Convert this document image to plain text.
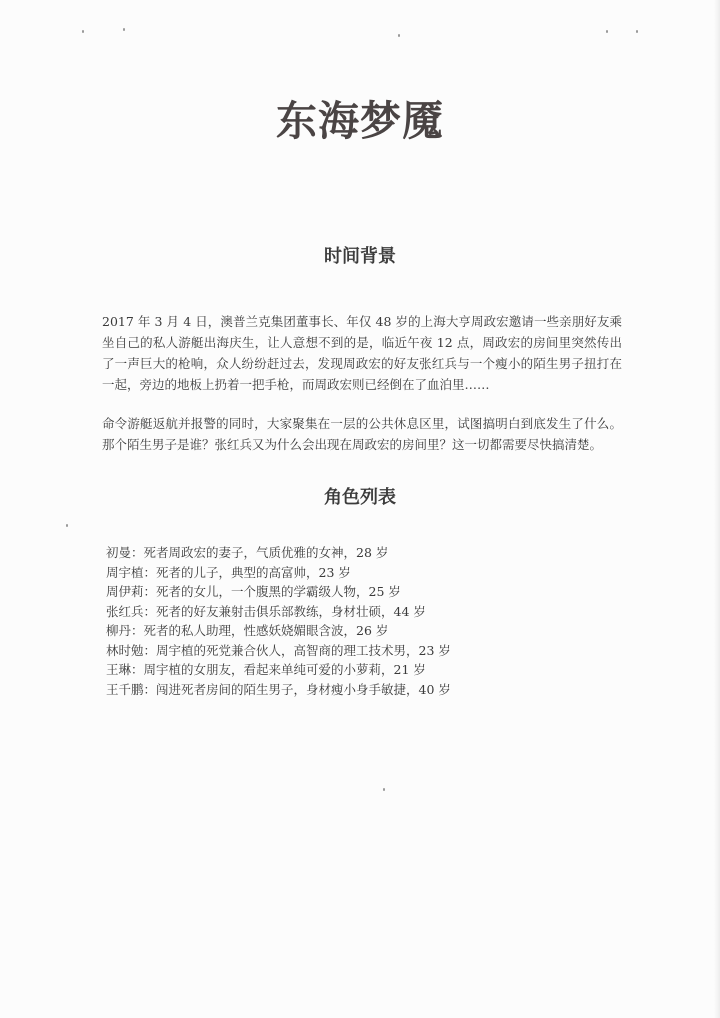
东海梦魇
时间背景

2017 年 3 月 4 日，澳普兰克集团董事长、年仅 48 岁的上海大亨周政宏邀请一些亲朋好友乘坐自己的私人游艇出海庆生，让人意想不到的是，临近午夜 12 点，周政宏的房间里突然传出了一声巨大的枪响，众人纷纷赶过去，发现周政宏的好友张红兵与一个瘦小的陌生男子扭打在一起，旁边的地板上扔着一把手枪，而周政宏则已经倒在了血泊里……

命令游艇返航并报警的同时，大家聚集在一层的公共休息区里，试图搞明白到底发生了什么。那个陌生男子是谁？张红兵又为什么会出现在周政宏的房间里？这一切都需要尽快搞清楚。

角色列表
初曼：死者周政宏的妻子，气质优雅的女神，28 岁
周宇植：死者的儿子，典型的高富帅，23 岁
周伊莉：死者的女儿，一个腹黑的学霸级人物，25 岁
张红兵：死者的好友兼射击俱乐部教练，身材壮硕，44 岁
柳丹：死者的私人助理，性感妖娆媚眼含波，26 岁
林时勉：周宇植的死党兼合伙人，高智商的理工技术男，23 岁
王琳：周宇植的女朋友，看起来单纯可爱的小萝莉，21 岁
王千鹏：闯进死者房间的陌生男子，身材瘦小身手敏捷，40 岁
